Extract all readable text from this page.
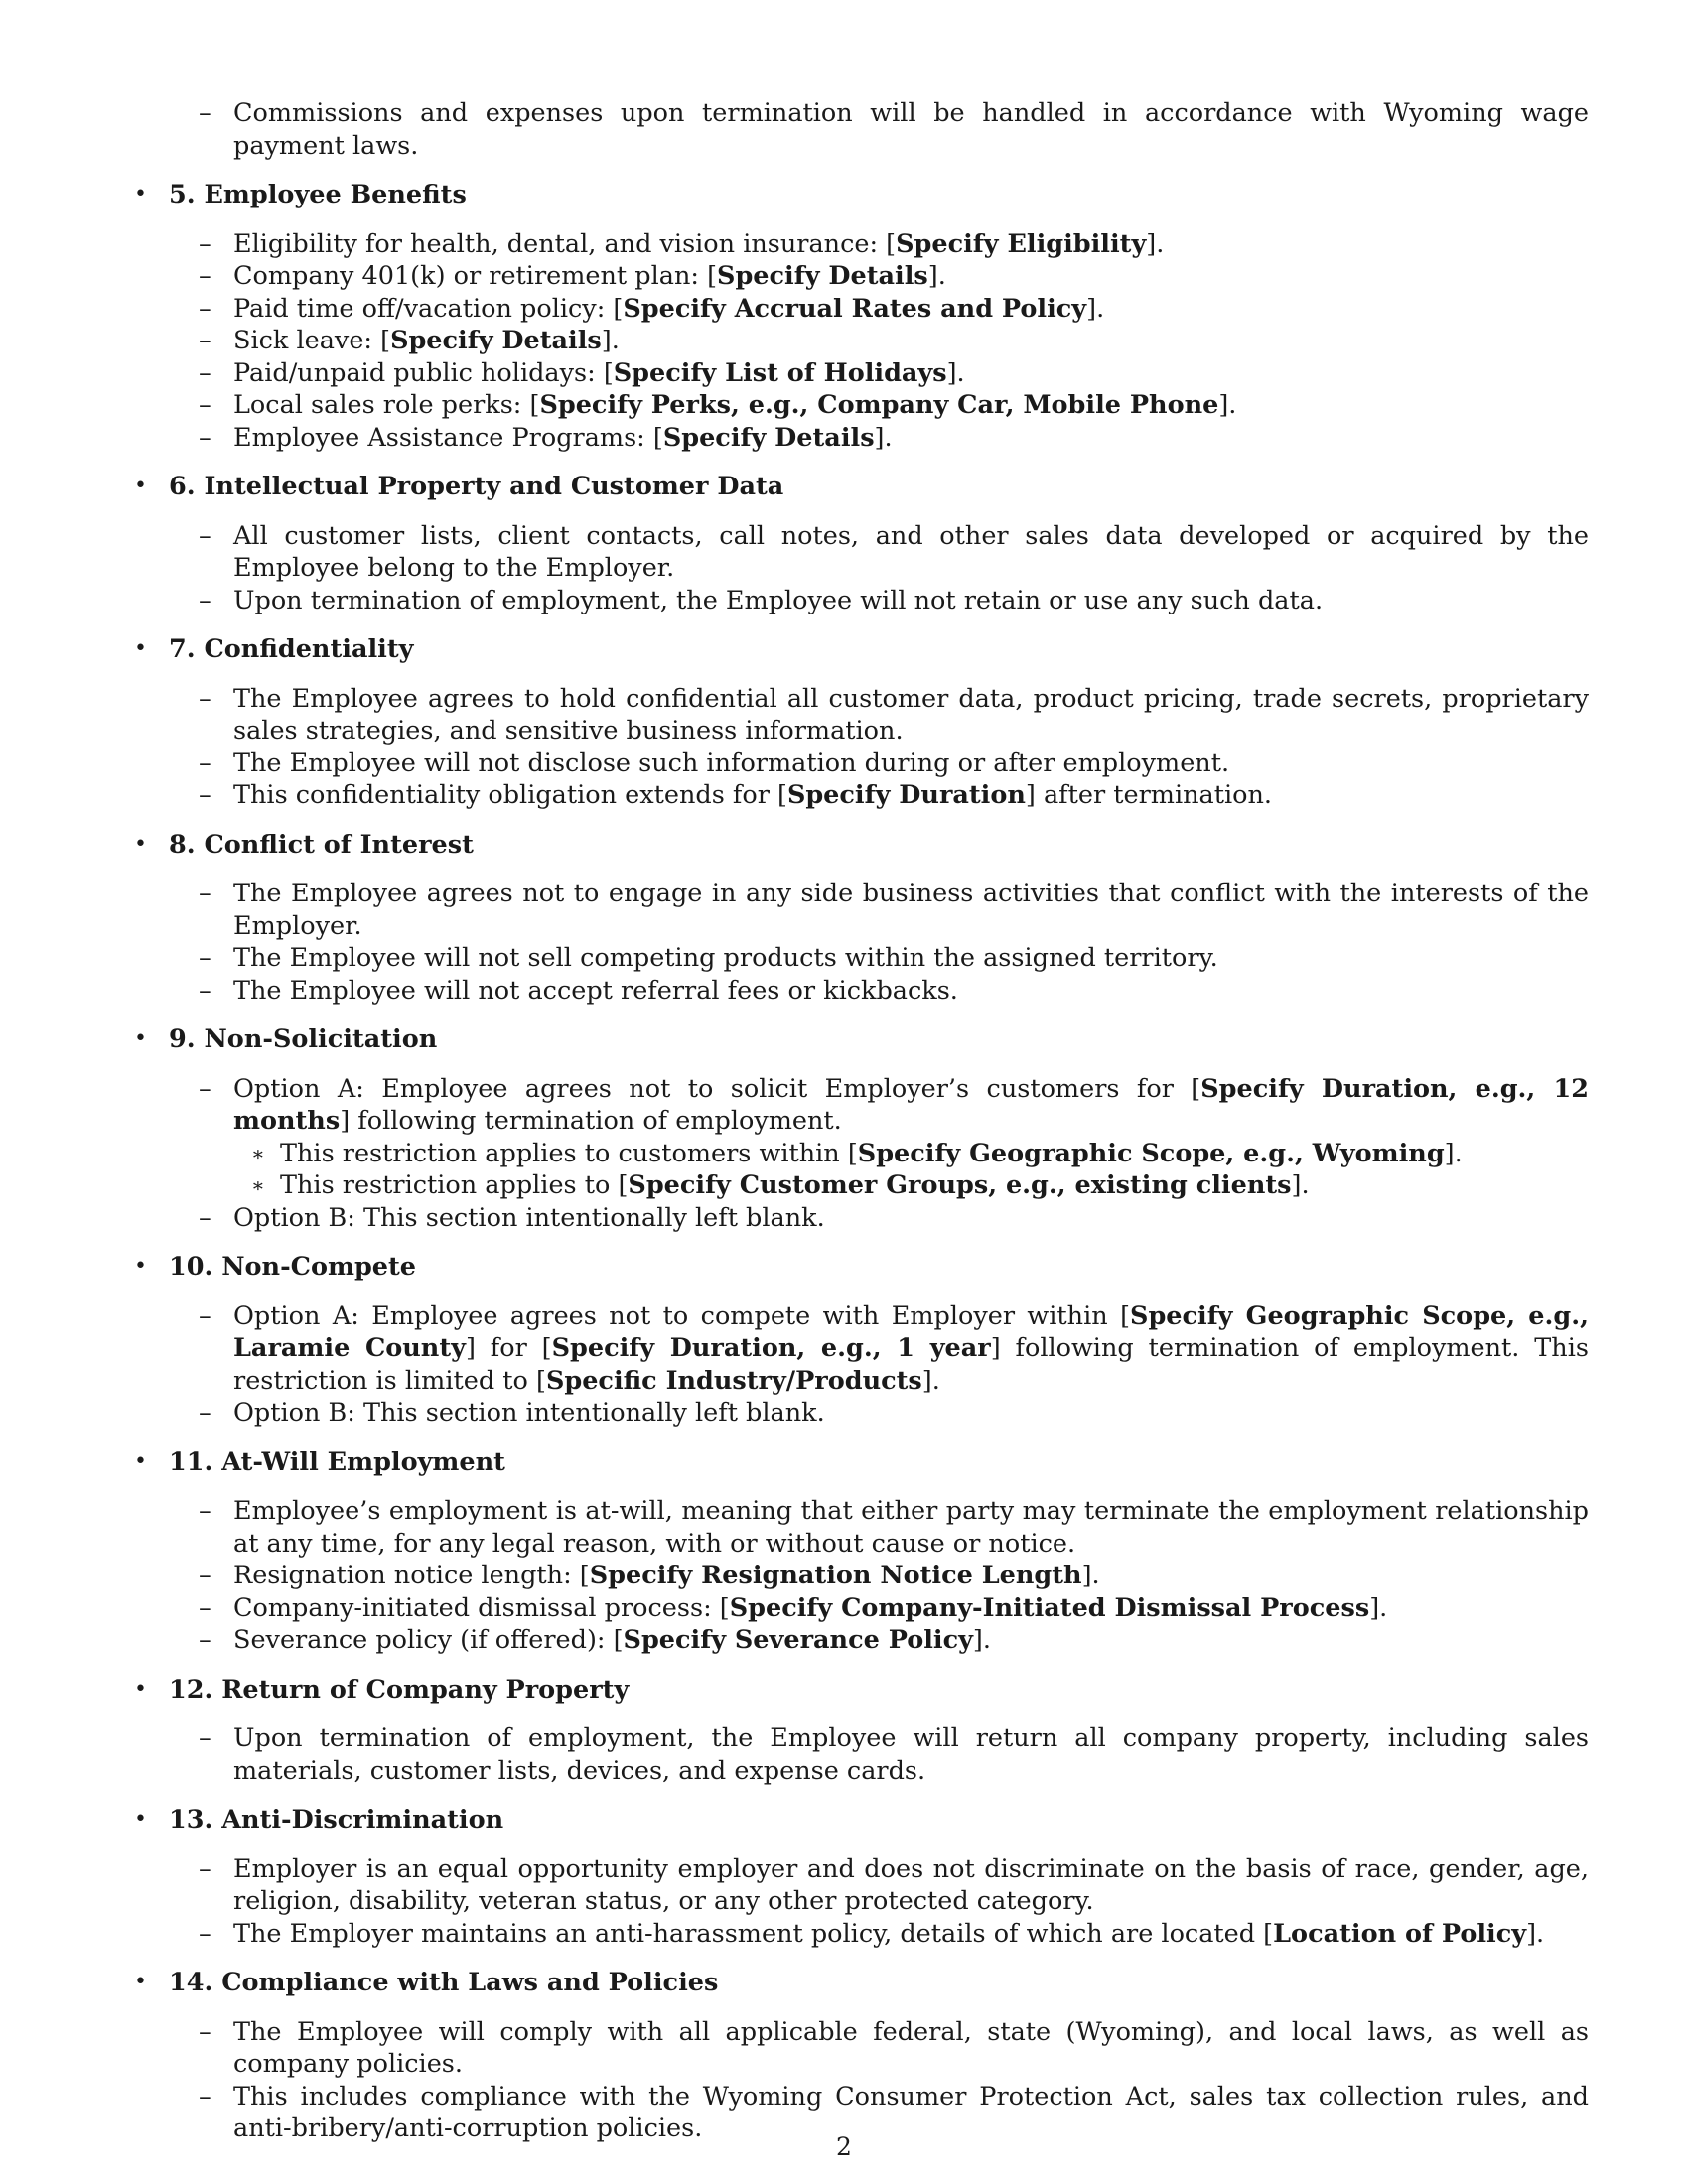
– Commissions and expenses upon termination will be handled in accordance with Wyoming wage payment laws.
• 5. Employee Benefits
– Eligibility for health, dental, and vision insurance: [Specify Eligibility].
– Company 401(k) or retirement plan: [Specify Details].
– Paid time off/vacation policy: [Specify Accrual Rates and Policy].
– Sick leave: [Specify Details].
– Paid/unpaid public holidays: [Specify List of Holidays].
– Local sales role perks: [Specify Perks, e.g., Company Car, Mobile Phone].
– Employee Assistance Programs: [Specify Details].
• 6. Intellectual Property and Customer Data
– All customer lists, client contacts, call notes, and other sales data developed or acquired by the Employee belong to the Employer.
– Upon termination of employment, the Employee will not retain or use any such data.
• 7. Confidentiality
– The Employee agrees to hold confidential all customer data, product pricing, trade secrets, proprietary sales strategies, and sensitive business information.
– The Employee will not disclose such information during or after employment.
– This confidentiality obligation extends for [Specify Duration] after termination.
• 8. Conflict of Interest
– The Employee agrees not to engage in any side business activities that conflict with the interests of the Employer.
– The Employee will not sell competing products within the assigned territory.
– The Employee will not accept referral fees or kickbacks.
• 9. Non-Solicitation
– Option A: Employee agrees not to solicit Employer’s customers for [Specify Duration, e.g., 12 months] following termination of employment.
∗ This restriction applies to customers within [Specify Geographic Scope, e.g., Wyoming].
∗ This restriction applies to [Specify Customer Groups, e.g., existing clients].
– Option B: This section intentionally left blank.
• 10. Non-Compete
– Option A: Employee agrees not to compete with Employer within [Specify Geographic Scope, e.g., Laramie County] for [Specify Duration, e.g., 1 year] following termination of employment. This restriction is limited to [Specific Industry/Products].
– Option B: This section intentionally left blank.
• 11. At-Will Employment
– Employee’s employment is at-will, meaning that either party may terminate the employment relationship at any time, for any legal reason, with or without cause or notice.
– Resignation notice length: [Specify Resignation Notice Length].
– Company-initiated dismissal process: [Specify Company-Initiated Dismissal Process].
– Severance policy (if offered): [Specify Severance Policy].
• 12. Return of Company Property
– Upon termination of employment, the Employee will return all company property, including sales materials, customer lists, devices, and expense cards.
• 13. Anti-Discrimination
– Employer is an equal opportunity employer and does not discriminate on the basis of race, gender, age, religion, disability, veteran status, or any other protected category.
– The Employer maintains an anti-harassment policy, details of which are located [Location of Policy].
• 14. Compliance with Laws and Policies
– The Employee will comply with all applicable federal, state (Wyoming), and local laws, as well as company policies.
– This includes compliance with the Wyoming Consumer Protection Act, sales tax collection rules, and anti-bribery/anti-corruption policies.
2
